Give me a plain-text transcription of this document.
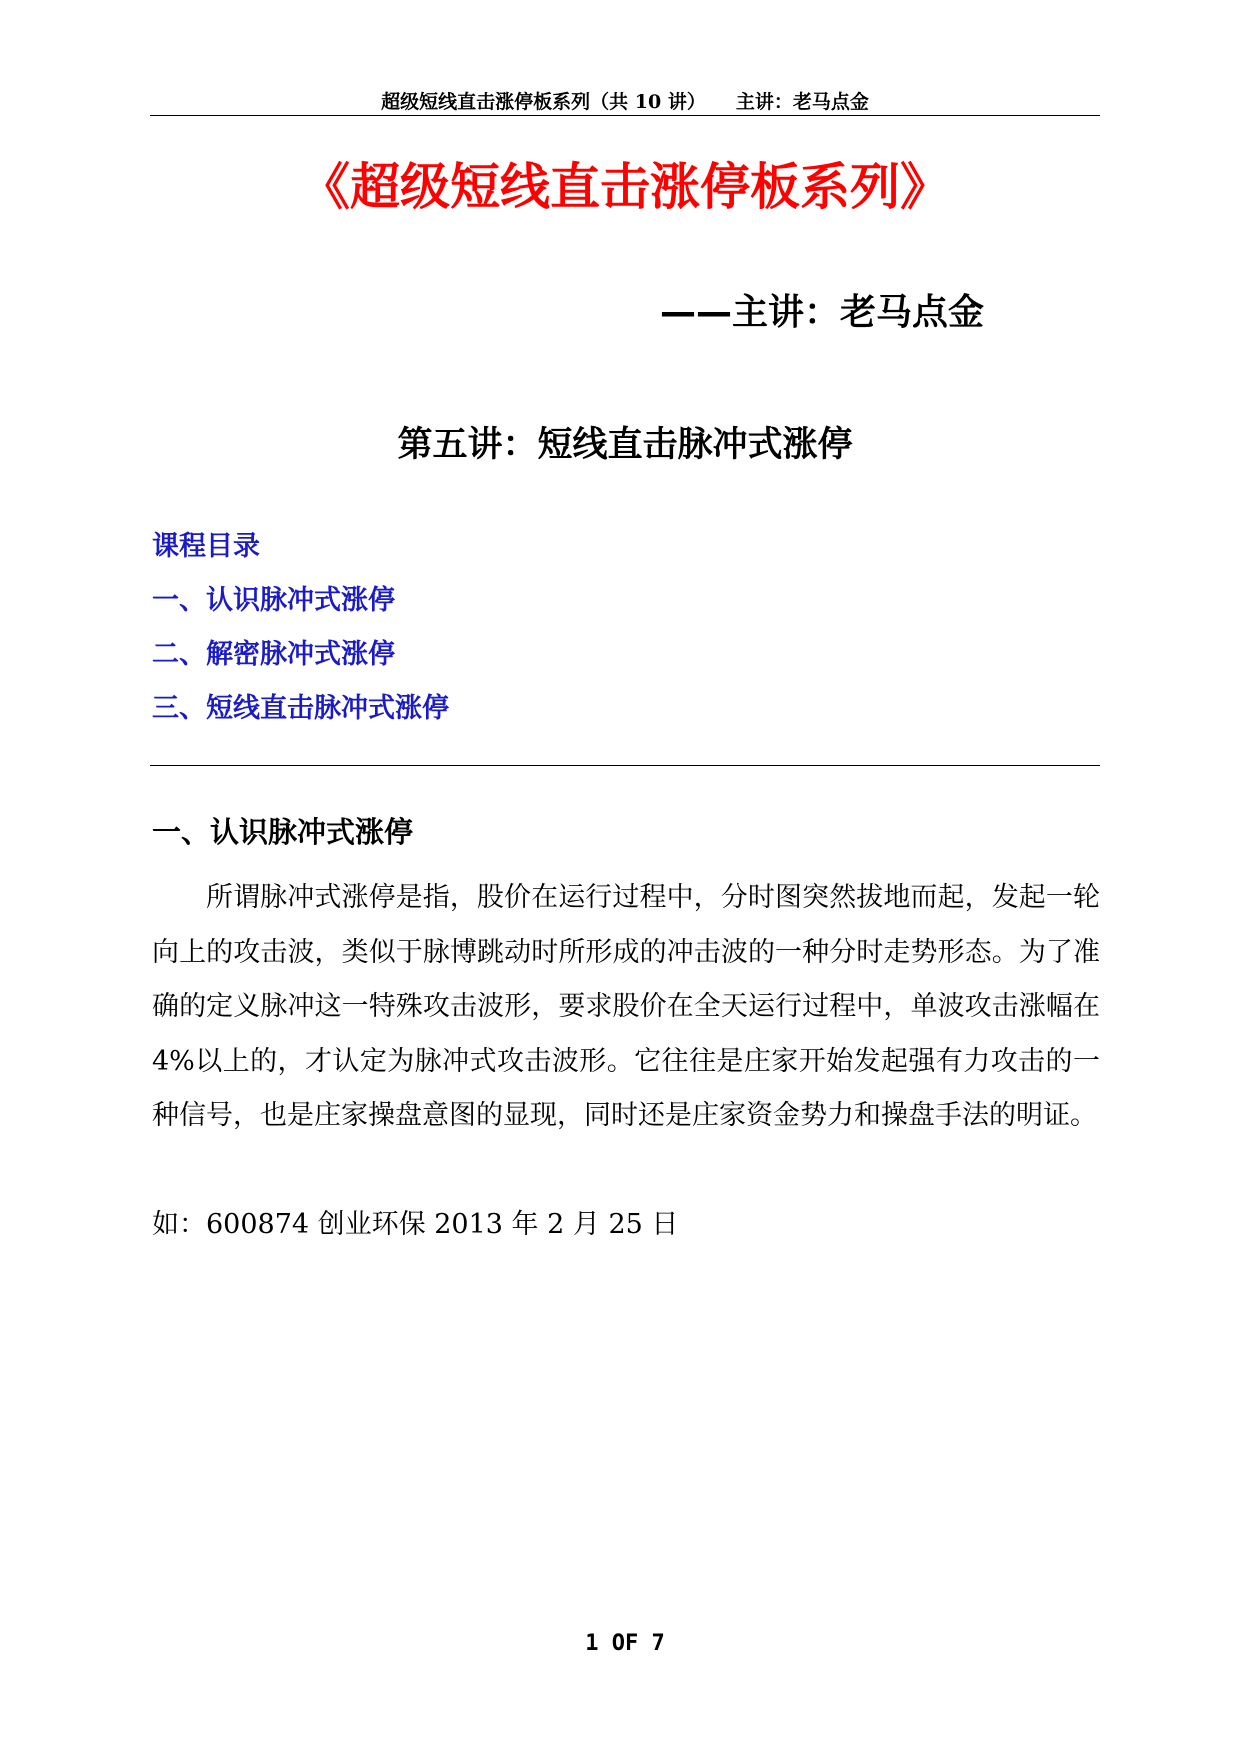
超级短线直击涨停板系列（共 10 讲） 主讲：老马点金
《超级短线直击涨停板系列》
——主讲：老马点金
第五讲：短线直击脉冲式涨停
课程目录
一、认识脉冲式涨停
二、解密脉冲式涨停
三、短线直击脉冲式涨停
一、认识脉冲式涨停
所谓脉冲式涨停是指，股价在运行过程中，分时图突然拔地而起，发起一轮向上的攻击波，类似于脉博跳动时所形成的冲击波的一种分时走势形态。为了准确的定义脉冲这一特殊攻击波形，要求股价在全天运行过程中，单波攻击涨幅在 4%以上的，才认定为脉冲式攻击波形。它往往是庄家开始发起强有力攻击的一种信号，也是庄家操盘意图的显现，同时还是庄家资金势力和操盘手法的明证。
如：600874 创业环保 2013 年 2 月 25 日
1 OF 7
